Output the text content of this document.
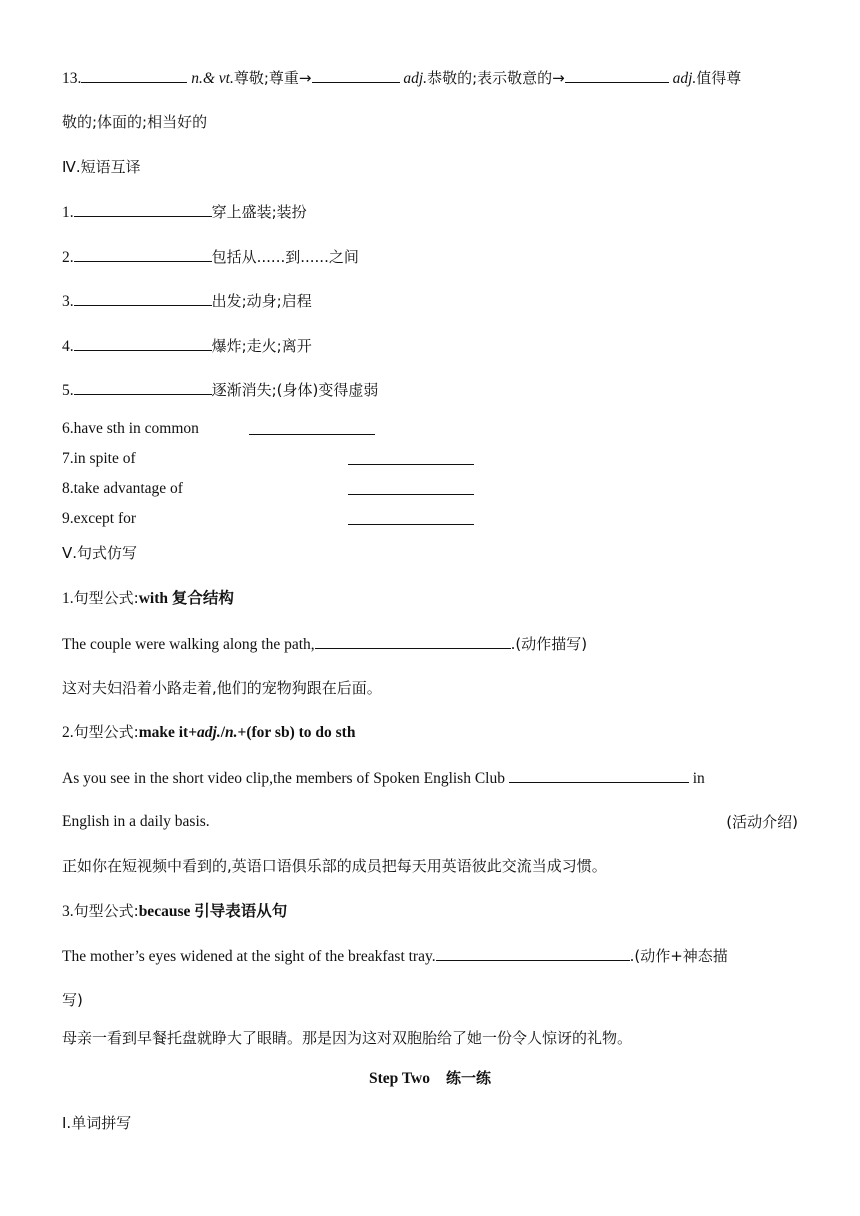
13.	n.& vt.尊敬;尊重→	adj.恭敬的;表示敬意的→	adj.值得尊
敬的;体面的;相当好的
Ⅳ.短语互译
1.	穿上盛装;装扮
2.	包括从......到......之间
3.	出发;动身;启程
4.	爆炸;走火;离开
5.	逐渐消失;(身体)变得虚弱
6.have sth in common
7.in spite of
8.take advantage of
9.except for
Ⅴ.句式仿写
1.句型公式:with 复合结构
The couple were walking along the path,	.(动作描写)
这对夫妇沿着小路走着,他们的宠物狗跟在后面。
2.句型公式:make it+adj./n.+(for sb) to do sth
As you see in the short video clip,the members of Spoken English Club	in
English in a daily basis.	(活动介绍)
正如你在短视频中看到的,英语口语俱乐部的成员把每天用英语彼此交流当成习惯。
3.句型公式:because 引导表语从句
The mother’s eyes widened at the sight of the breakfast tray.	.(动作+神态描
写)
母亲一看到早餐托盘就睁大了眼睛。那是因为这对双胞胎给了她一份令人惊讶的礼物。
Step Two 练一练
Ⅰ.单词拼写
